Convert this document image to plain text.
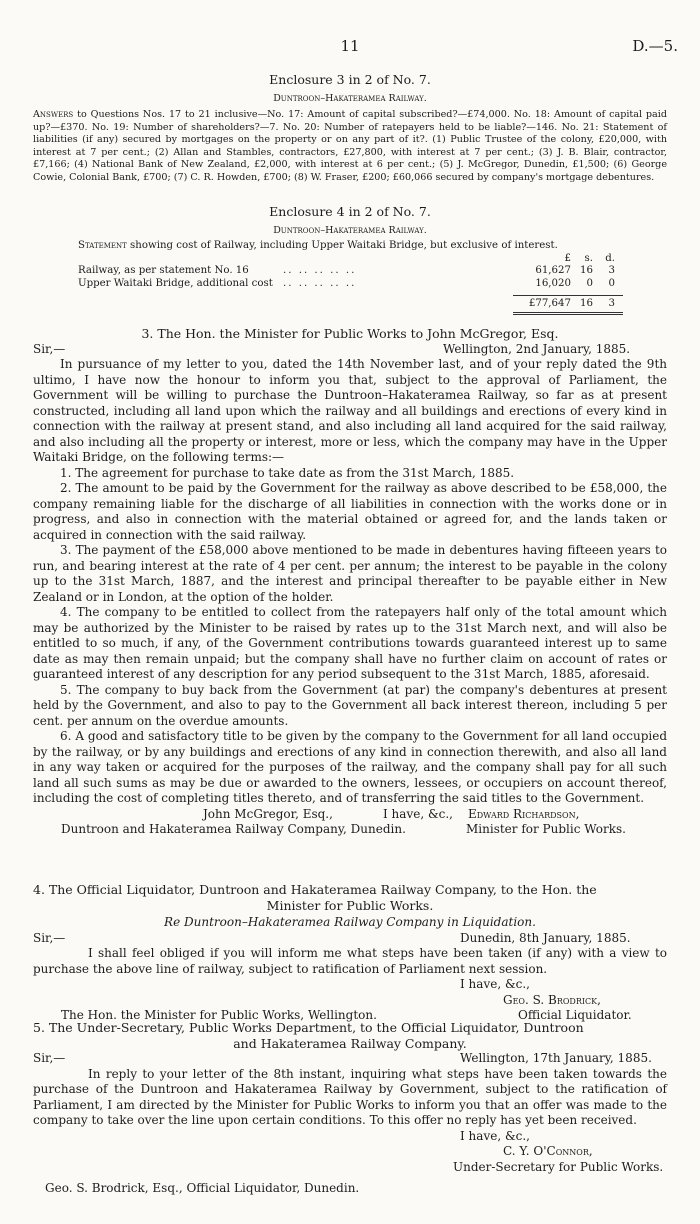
11	D.—5.
Enclosure 3 in 2 of No. 7.
Duntroon–Hakateramea Railway.
Answers to Questions Nos. 17 to 21 inclusive—No. 17: Amount of capital subscribed?—£74,000. No. 18: Amount of capital paid up?—£370. No. 19: Number of shareholders?—7. No. 20: Number of ratepayers held to be liable?—146. No. 21: Statement of liabilities (if any) secured by mortgages on the property or on any part of it?. (1) Public Trustee of the colony, £20,000, with interest at 7 per cent.; (2) Allan and Stambles, contractors, £27,800, with interest at 7 per cent.; (3) J. B. Blair, contractor, £7,166; (4) National Bank of New Zealand, £2,000, with interest at 6 per cent.; (5) J. McGregor, Dunedin, £1,500; (6) George Cowie, Colonial Bank, £700; (7) C. R. Howden, £700; (8) W. Fraser, £200; £60,066 secured by company's mortgage debentures.
Enclosure 4 in 2 of No. 7.
Duntroon–Hakateramea Railway.
Statement showing cost of Railway, including Upper Waitaki Bridge, but exclusive of interest.
£ s. d.
Railway, as per statement No. 16	.. .. .. .. ..	61,627 16 3
Upper Waitaki Bridge, additional cost .. .. .. .. ..	16,020 0 0
£77,647 16 3
3. The Hon. the Minister for Public Works to John McGregor, Esq.
Sir,—	Wellington, 2nd January, 1885.
In pursuance of my letter to you, dated the 14th November last, and of your reply dated the 9th ultimo, I have now the honour to inform you that, subject to the approval of Parliament, the Government will be willing to purchase the Duntroon–Hakateramea Railway, so far as at present constructed, including all land upon which the railway and all buildings and erections of every kind in connection with the railway at present stand, and also including all land acquired for the said railway, and also including all the property or interest, more or less, which the company may have in the Upper Waitaki Bridge, on the following terms:—
1. The agreement for purchase to take date as from the 31st March, 1885.
2. The amount to be paid by the Government for the railway as above described to be £58,000, the company remaining liable for the discharge of all liabilities in connection with the works done or in progress, and also in connection with the material obtained or agreed for, and the lands taken or acquired in connection with the said railway.
3. The payment of the £58,000 above mentioned to be made in debentures having fifteeen years to run, and bearing interest at the rate of 4 per cent. per annum; the interest to be payable in the colony up to the 31st March, 1887, and the interest and principal thereafter to be payable either in New Zealand or in London, at the option of the holder.
4. The company to be entitled to collect from the ratepayers half only of the total amount which may be authorized by the Minister to be raised by rates up to the 31st March next, and will also be entitled to so much, if any, of the Government contributions towards guaranteed interest up to same date as may then remain unpaid; but the company shall have no further claim on account of rates or guaranteed interest of any description for any period subsequent to the 31st March, 1885, aforesaid.
5. The company to buy back from the Government (at par) the company's debentures at present held by the Government, and also to pay to the Government all back interest thereon, including 5 per cent. per annum on the overdue amounts.
6. A good and satisfactory title to be given by the company to the Government for all land occupied by the railway, or by any buildings and erections of any kind in connection therewith, and also all land in any way taken or acquired for the purposes of the railway, and the company shall pay for all such land all such sums as may be due or awarded to the owners, lessees, or occupiers on account thereof, including the cost of completing titles thereto, and of transferring the said titles to the Government.
John McGregor, Esq.,	I have, &c., Edward Richardson,
Duntroon and Hakateramea Railway Company, Dunedin.	Minister for Public Works.
4. The Official Liquidator, Duntroon and Hakateramea Railway Company, to the Hon. the
Minister for Public Works.
Re Duntroon–Hakateramea Railway Company in Liquidation.
Sir,—	Dunedin, 8th January, 1885.
I shall feel obliged if you will inform me what steps have been taken (if any) with a view to purchase the above line of railway, subject to ratification of Parliament next session.
I have, &c.,
Geo. S. Brodrick,
The Hon. the Minister for Public Works, Wellington.	Official Liquidator.
5. The Under-Secretary, Public Works Department, to the Official Liquidator, Duntroon
and Hakateramea Railway Company.
Sir,—	Wellington, 17th January, 1885.
In reply to your letter of the 8th instant, inquiring what steps have been taken towards the purchase of the Duntroon and Hakateramea Railway by Government, subject to the ratification of Parliament, I am directed by the Minister for Public Works to inform you that an offer was made to the company to take over the line upon certain conditions. To this offer no reply has yet been received.
I have, &c.,
C. Y. O'Connor,
Under-Secretary for Public Works.
Geo. S. Brodrick, Esq., Official Liquidator, Dunedin.
